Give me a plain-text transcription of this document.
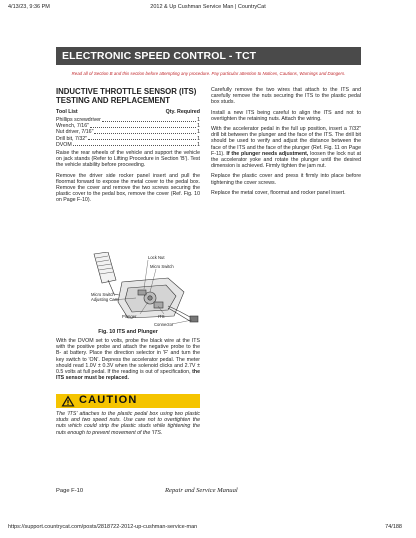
4/13/23, 9:36 PM	2012 & Up Cushman Service Man | CountryCat
ELECTRONIC SPEED CONTROL - TCT
Read all of Section B and this section before attempting any procedure. Pay particular attention to Notices, Cautions, Warnings and Dangers.
INDUCTIVE THROTTLE SENSOR (ITS)
TESTING AND REPLACEMENT
Tool List	Qty. Required
Phillips screwdriver	1
Wrench, 7/16"	1
Nut driver, 7/16"	1
Drill bit, 7/32"	1
DVOM	1

Raise the rear wheels of the vehicle and support the vehicle on jack stands (Refer to Lifting Procedure in Section 'B'). Test the vehicle stability before proceeding.

Remove the driver side rocker panel insert and pull the floormat forward to expose the metal cover to the pedal box. Remove the cover and remove the two screws securing the plastic cover to the pedal box, remove the cover (Ref. Fig. 10 on Page F-10).

Lock Nut
Micro Switch
Micro Switch
Adjusting Cam
Plunger	ITS
Connector
Fig. 10 ITS and Plunger

With the DVOM set to volts, probe the black wire at the ITS with the positive probe and attach the negative probe to the B- at battery. Place the direction selector in 'F' and turn the key switch to 'ON'. Depress the accelerator pedal. The meter should read 1.0V ± 0.3V when the solenoid clicks and 2.7V ± 0.5 volts at full pedal. If the reading is out of specification, the ITS sensor must be replaced.

CAUTION
The 'ITS' attaches to the plastic pedal box using two plastic studs and two speed nuts. Use care not to overtighten the nuts which could strip the plastic studs while tightening the nuts enough to prevent movement of the 'ITS.

Carefully remove the two wires that attach to the ITS and carefully remove the nuts securing the ITS to the plastic pedal box studs.

Install a new ITS being careful to align the ITS and not to overtighten the retaining nuts. Attach the wiring.

With the accelerator pedal in the full up position, insert a 7/32" drill bit between the plunger and the face of the ITS. The drill bit should be used to verify and adjust the distance between the face of the ITS and the face of the plunger (Ref. Fig. 11 on Page F-11). If the plunger needs adjustment, loosen the lock nut at the accelerator yoke and rotate the plunger until the desired dimension is achieved. Firmly tighten the jam nut.

Replace the plastic cover and press it firmly into place before tightening the cover screws.

Replace the metal cover, floormat and rocker panel insert.

Page F-10	Repair and Service Manual
https://support.countrycat.com/posts/2818722-2012-up-cushman-service-man	74/188
